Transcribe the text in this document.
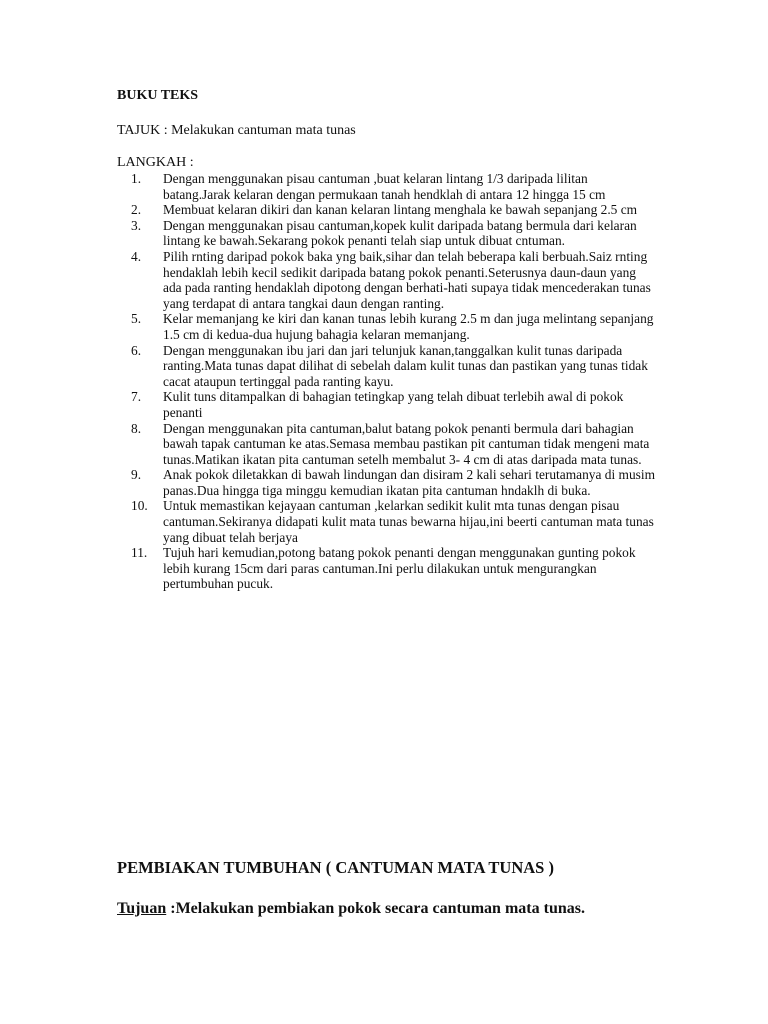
BUKU TEKS

TAJUK : Melakukan cantuman mata tunas

LANGKAH :

1.	Dengan menggunakan pisau cantuman ,buat kelaran lintang 1/3 daripada lilitan batang.Jarak kelaran dengan permukaan tanah hendklah di antara 12 hingga 15 cm
2.	Membuat kelaran dikiri dan kanan kelaran lintang menghala ke bawah sepanjang 2.5 cm
3.	Dengan menggunakan pisau cantuman,kopek kulit daripada batang bermula dari kelaran lintang ke bawah.Sekarang pokok penanti telah siap untuk dibuat cntuman.
4.	Pilih rnting daripad pokok baka yng baik,sihar dan telah beberapa kali berbuah.Saiz rnting hendaklah lebih kecil sedikit daripada batang pokok penanti.Seterusnya daun-daun yang ada pada ranting hendaklah dipotong dengan berhati-hati supaya tidak mencederakan tunas yang terdapat di antara tangkai daun dengan ranting.
5.	Kelar memanjang ke kiri dan kanan tunas lebih kurang 2.5 m dan juga melintang sepanjang 1.5 cm di kedua-dua hujung bahagia kelaran memanjang.
6.	Dengan menggunakan ibu jari dan jari telunjuk kanan,tanggalkan kulit tunas daripada ranting.Mata tunas dapat dilihat di sebelah dalam kulit tunas dan pastikan yang tunas tidak cacat ataupun tertinggal pada ranting kayu.
7.	Kulit tuns ditampalkan di bahagian tetingkap yang telah dibuat terlebih awal di pokok penanti
8.	Dengan menggunakan pita cantuman,balut batang pokok penanti bermula dari bahagian bawah tapak cantuman ke atas.Semasa membau pastikan pit cantuman tidak mengeni mata tunas.Matikan ikatan pita cantuman setelh membalut 3- 4 cm di atas daripada mata tunas.
9.	Anak pokok diletakkan di bawah lindungan dan disiram 2 kali sehari terutamanya di musim panas.Dua hingga tiga minggu kemudian ikatan pita cantuman hndaklh di buka.
10.	Untuk memastikan kejayaan cantuman ,kelarkan sedikit kulit mta tunas dengan pisau cantuman.Sekiranya didapati kulit mata tunas bewarna hijau,ini beerti cantuman mata tunas yang dibuat telah berjaya
11.	Tujuh hari kemudian,potong batang pokok penanti dengan menggunakan gunting pokok lebih kurang 15cm dari paras cantuman.Ini perlu dilakukan untuk mengurangkan pertumbuhan pucuk.

PEMBIAKAN TUMBUHAN ( CANTUMAN MATA TUNAS )

Tujuan :Melakukan pembiakan pokok secara cantuman mata tunas.
